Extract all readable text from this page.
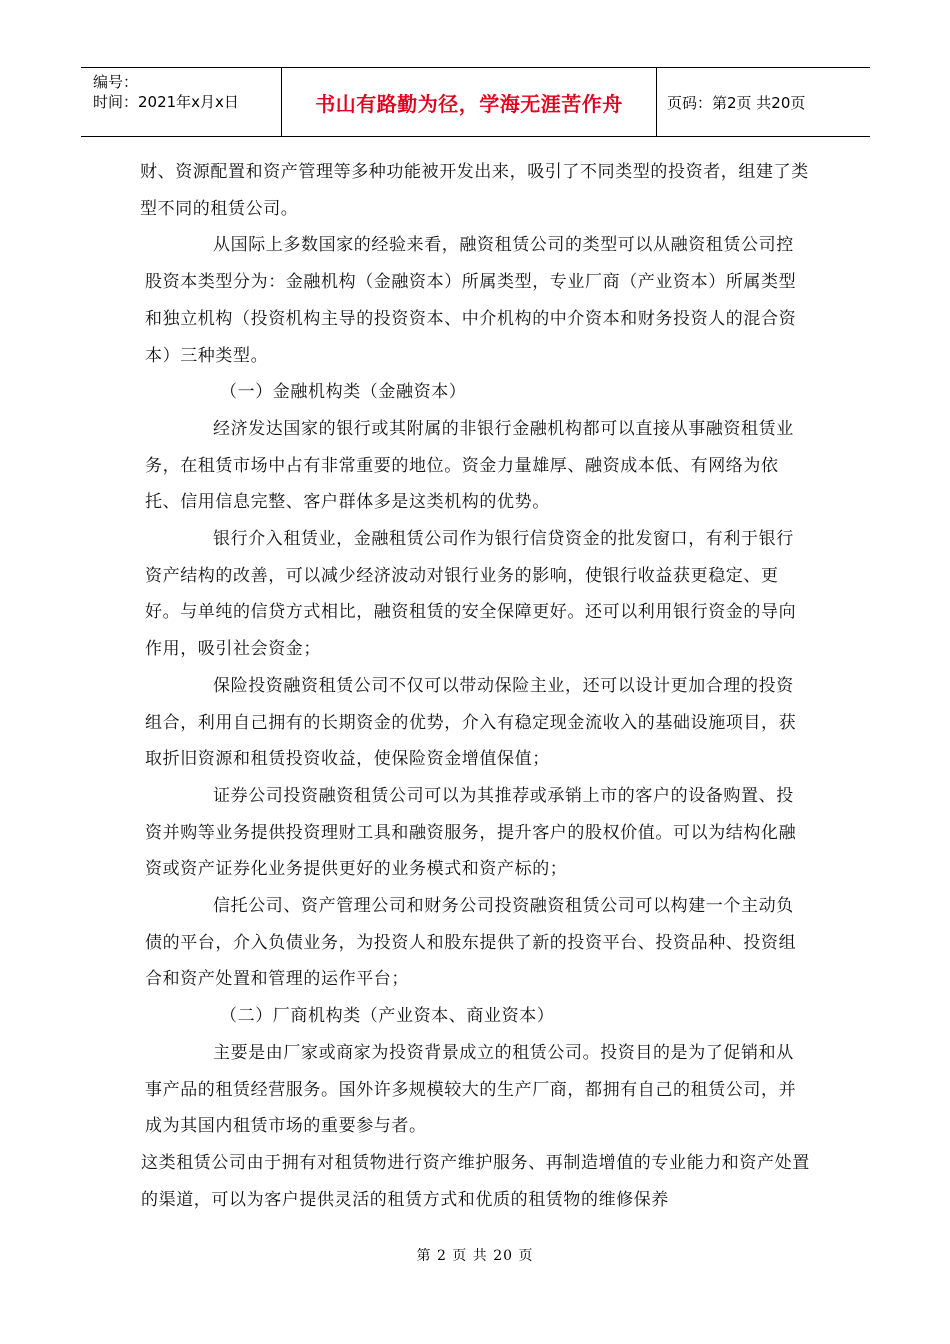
编号：
时间：2021年x月x日	书山有路勤为径，学海无涯苦作舟	页码：第2页 共20页

财、资源配置和资产管理等多种功能被开发出来，吸引了不同类型的投资者，组建了类型不同的租赁公司。

从国际上多数国家的经验来看，融资租赁公司的类型可以从融资租赁公司控股资本类型分为：金融机构（金融资本）所属类型，专业厂商（产业资本）所属类型和独立机构（投资机构主导的投资资本、中介机构的中介资本和财务投资人的混合资本）三种类型。

（一）金融机构类（金融资本）

经济发达国家的银行或其附属的非银行金融机构都可以直接从事融资租赁业务，在租赁市场中占有非常重要的地位。资金力量雄厚、融资成本低、有网络为依托、信用信息完整、客户群体多是这类机构的优势。

银行介入租赁业，金融租赁公司作为银行信贷资金的批发窗口，有利于银行资产结构的改善，可以减少经济波动对银行业务的影响，使银行收益获更稳定、更好。与单纯的信贷方式相比，融资租赁的安全保障更好。还可以利用银行资金的导向作用，吸引社会资金；

保险投资融资租赁公司不仅可以带动保险主业，还可以设计更加合理的投资组合，利用自己拥有的长期资金的优势，介入有稳定现金流收入的基础设施项目，获取折旧资源和租赁投资收益，使保险资金增值保值；

证券公司投资融资租赁公司可以为其推荐或承销上市的客户的设备购置、投资并购等业务提供投资理财工具和融资服务，提升客户的股权价值。可以为结构化融资或资产证券化业务提供更好的业务模式和资产标的；

信托公司、资产管理公司和财务公司投资融资租赁公司可以构建一个主动负债的平台，介入负债业务，为投资人和股东提供了新的投资平台、投资品种、投资组合和资产处置和管理的运作平台；

（二）厂商机构类（产业资本、商业资本）

主要是由厂家或商家为投资背景成立的租赁公司。投资目的是为了促销和从事产品的租赁经营服务。国外许多规模较大的生产厂商，都拥有自己的租赁公司，并成为其国内租赁市场的重要参与者。

这类租赁公司由于拥有对租赁物进行资产维护服务、再制造增值的专业能力和资产处置的渠道，可以为客户提供灵活的租赁方式和优质的租赁物的维修保养

第 2 页 共 20 页
